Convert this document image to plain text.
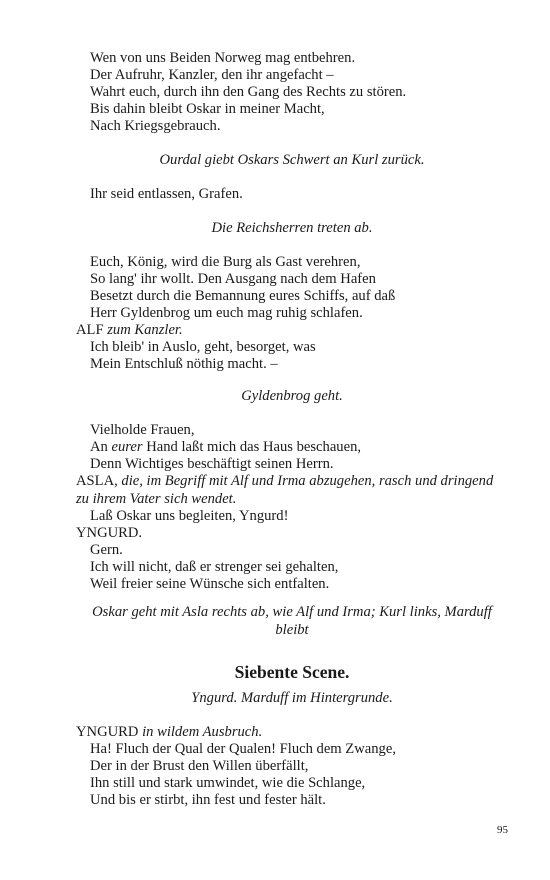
Wen von uns Beiden Norweg mag entbehren.
Der Aufruhr, Kanzler, den ihr angefacht –
Wahrt euch, durch ihn den Gang des Rechts zu stören.
Bis dahin bleibt Oskar in meiner Macht,
Nach Kriegsgebrauch.
Ourdal giebt Oskars Schwert an Kurl zurück.
Ihr seid entlassen, Grafen.
Die Reichsherren treten ab.
Euch, König, wird die Burg als Gast verehren,
So lang' ihr wollt. Den Ausgang nach dem Hafen
Besetzt durch die Bemannung eures Schiffs, auf daß
Herr Gyldenbrog um euch mag ruhig schlafen.
ALF zum Kanzler.
Ich bleib' in Auslo, geht, besorget, was
Mein Entschluß nöthig macht. –
Gyldenbrog geht.
Vielholde Frauen,
An eurer Hand laßt mich das Haus beschauen,
Denn Wichtiges beschäftigt seinen Herrn.
ASLA, die, im Begriff mit Alf und Irma abzugehen, rasch und dringend zu ihrem Vater sich wendet.
Laß Oskar uns begleiten, Yngurd!
YNGURD.
Gern.
Ich will nicht, daß er strenger sei gehalten,
Weil freier seine Wünsche sich entfalten.
Oskar geht mit Asla rechts ab, wie Alf und Irma; Kurl links, Marduff bleibt
Siebente Scene.
Yngurd. Marduff im Hintergrunde.
YNGURD in wildem Ausbruch.
Ha! Fluch der Qual der Qualen! Fluch dem Zwange,
Der in der Brust den Willen überfällt,
Ihn still und stark umwindet, wie die Schlange,
Und bis er stirbt, ihn fest und fester hält.
95
